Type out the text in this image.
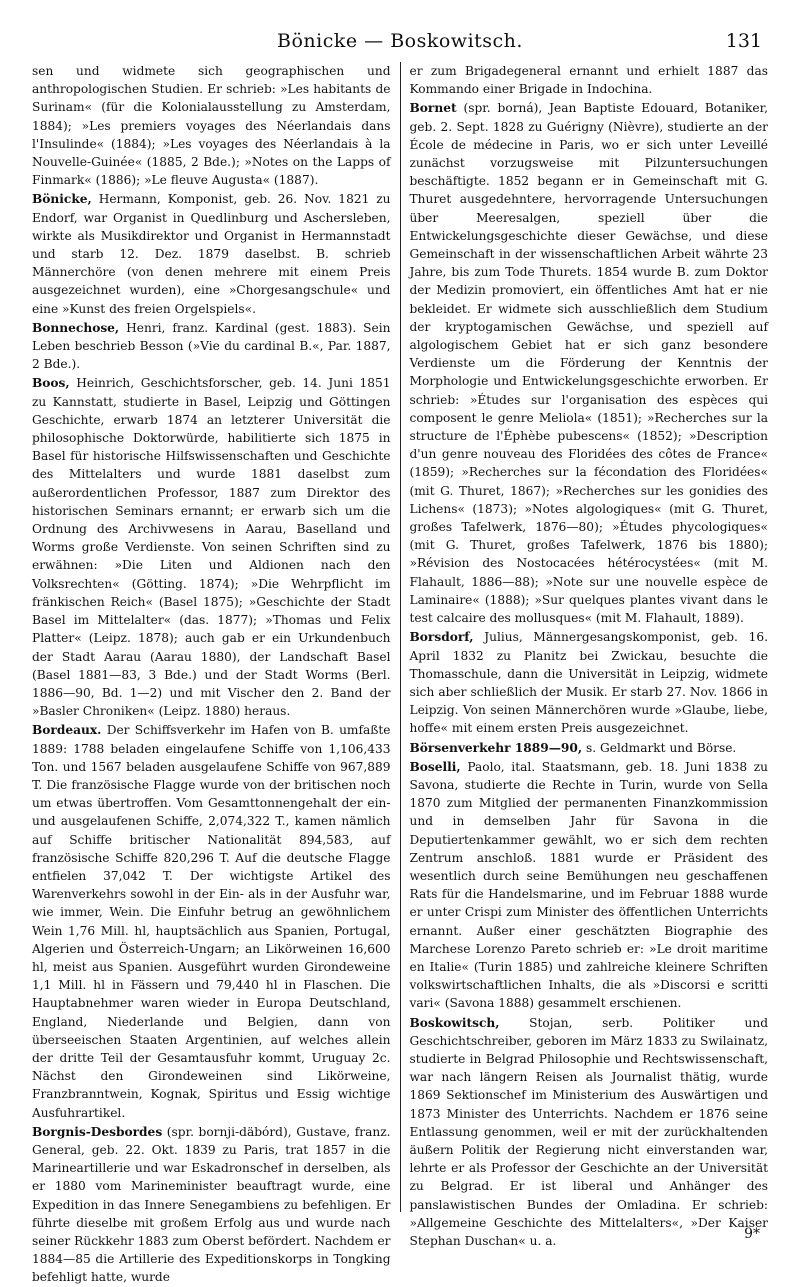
Bönicke — Boskowitsch.	131

sen und widmete sich geographischen und anthropologischen Studien. Er schrieb: »Les habitants de Surinam« (für die Kolonialausstellung zu Amsterdam, 1884); »Les premiers voyages des Néerlandais dans l'Insulinde« (1884); »Les voyages des Néerlandais à la Nouvelle-Guinée« (1885, 2 Bde.); »Notes on the Lapps of Finmark« (1886); »Le fleuve Augusta« (1887).

Bönicke, Hermann, Komponist, geb. 26. Nov. 1821 zu Endorf, war Organist in Quedlinburg und Aschersleben, wirkte als Musikdirektor und Organist in Hermannstadt und starb 12. Dez. 1879 daselbst. B. schrieb Männerchöre (von denen mehrere mit einem Preis ausgezeichnet wurden), eine »Chorgesangschule« und eine »Kunst des freien Orgelspiels«.

Bonnechose, Henri, franz. Kardinal (gest. 1883). Sein Leben beschrieb Besson (»Vie du cardinal B.«, Par. 1887, 2 Bde.).

Boos, Heinrich, Geschichtsforscher, geb. 14. Juni 1851 zu Kannstatt, studierte in Basel, Leipzig und Göttingen Geschichte, erwarb 1874 an letzterer Universität die philosophische Doktorwürde, habilitierte sich 1875 in Basel für historische Hilfswissenschaften und Geschichte des Mittelalters und wurde 1881 daselbst zum außerordentlichen Professor, 1887 zum Direktor des historischen Seminars ernannt; er erwarb sich um die Ordnung des Archivwesens in Aarau, Baselland und Worms große Verdienste. Von seinen Schriften sind zu erwähnen: »Die Liten und Aldionen nach den Volksrechten« (Götting. 1874); »Die Wehrpflicht im fränkischen Reich« (Basel 1875); »Geschichte der Stadt Basel im Mittelalter« (das. 1877); »Thomas und Felix Platter« (Leipz. 1878); auch gab er ein Urkundenbuch der Stadt Aarau (Aarau 1880), der Landschaft Basel (Basel 1881—83, 3 Bde.) und der Stadt Worms (Berl. 1886—90, Bd. 1—2) und mit Vischer den 2. Band der »Basler Chroniken« (Leipz. 1880) heraus.

Bordeaux. Der Schiffsverkehr im Hafen von B. umfaßte 1889: 1788 beladen eingelaufene Schiffe von 1,106,433 Ton. und 1567 beladen ausgelaufene Schiffe von 967,889 T. Die französische Flagge wurde von der britischen noch um etwas übertroffen. Vom Gesamttonnengehalt der ein- und ausgelaufenen Schiffe, 2,074,322 T., kamen nämlich auf Schiffe britischer Nationalität 894,583, auf französische Schiffe 820,296 T. Auf die deutsche Flagge entfielen 37,042 T. Der wichtigste Artikel des Warenverkehrs sowohl in der Ein- als in der Ausfuhr war, wie immer, Wein. Die Einfuhr betrug an gewöhnlichem Wein 1,76 Mill. hl, hauptsächlich aus Spanien, Portugal, Algerien und Österreich-Ungarn; an Likörweinen 16,600 hl, meist aus Spanien. Ausgeführt wurden Girondeweine 1,1 Mill. hl in Fässern und 79,440 hl in Flaschen. Die Hauptabnehmer waren wieder in Europa Deutschland, England, Niederlande und Belgien, dann von überseeischen Staaten Argentinien, auf welches allein der dritte Teil der Gesamtausfuhr kommt, Uruguay 2c. Nächst den Girondeweinen sind Likörweine, Franzbranntwein, Kognak, Spiritus und Essig wichtige Ausfuhrartikel.

Borgnis-Desbordes (spr. bornji-däbórd), Gustave, franz. General, geb. 22. Okt. 1839 zu Paris, trat 1857 in die Marineartillerie und war Eskadronschef in derselben, als er 1880 vom Marineminister beauftragt wurde, eine Expedition in das Innere Senegambiens zu befehligen. Er führte dieselbe mit großem Erfolg aus und wurde nach seiner Rückkehr 1883 zum Oberst befördert. Nachdem er 1884—85 die Artillerie des Expeditionskorps in Tongking befehligt hatte, wurde

er zum Brigadegeneral ernannt und erhielt 1887 das Kommando einer Brigade in Indochina.

Bornet (spr. borná), Jean Baptiste Edouard, Botaniker, geb. 2. Sept. 1828 zu Guérigny (Nièvre), studierte an der École de médecine in Paris, wo er sich unter Leveillé zunächst vorzugsweise mit Pilzuntersuchungen beschäftigte. 1852 begann er in Gemeinschaft mit G. Thuret ausgedehntere, hervorragende Untersuchungen über Meeresalgen, speziell über die Entwickelungsgeschichte dieser Gewächse, und diese Gemeinschaft in der wissenschaftlichen Arbeit währte 23 Jahre, bis zum Tode Thurets. 1854 wurde B. zum Doktor der Medizin promoviert, ein öffentliches Amt hat er nie bekleidet. Er widmete sich ausschließlich dem Studium der kryptogamischen Gewächse, und speziell auf algologischem Gebiet hat er sich ganz besondere Verdienste um die Förderung der Kenntnis der Morphologie und Entwickelungsgeschichte erworben. Er schrieb: »Études sur l'organisation des espèces qui composent le genre Meliola« (1851); »Recherches sur la structure de l'Éphèbe pubescens« (1852); »Description d'un genre nouveau des Floridées des côtes de France« (1859); »Recherches sur la fécondation des Floridées« (mit G. Thuret, 1867); »Recherches sur les gonidies des Lichens« (1873); »Notes algologiques« (mit G. Thuret, großes Tafelwerk, 1876—80); »Études phycologiques« (mit G. Thuret, großes Tafelwerk, 1876 bis 1880); »Révision des Nostocacées hétérocystées« (mit M. Flahault, 1886—88); »Note sur une nouvelle espèce de Laminaire« (1888); »Sur quelques plantes vivant dans le test calcaire des mollusques« (mit M. Flahault, 1889).

Borsdorf, Julius, Männergesangskomponist, geb. 16. April 1832 zu Planitz bei Zwickau, besuchte die Thomasschule, dann die Universität in Leipzig, widmete sich aber schließlich der Musik. Er starb 27. Nov. 1866 in Leipzig. Von seinen Männerchören wurde »Glaube, liebe, hoffe« mit einem ersten Preis ausgezeichnet.

Börsenverkehr 1889—90, s. Geldmarkt und Börse.

Boselli, Paolo, ital. Staatsmann, geb. 18. Juni 1838 zu Savona, studierte die Rechte in Turin, wurde von Sella 1870 zum Mitglied der permanenten Finanzkommission und in demselben Jahr für Savona in die Deputiertenkammer gewählt, wo er sich dem rechten Zentrum anschloß. 1881 wurde er Präsident des wesentlich durch seine Bemühungen neu geschaffenen Rats für die Handelsmarine, und im Februar 1888 wurde er unter Crispi zum Minister des öffentlichen Unterrichts ernannt. Außer einer geschätzten Biographie des Marchese Lorenzo Pareto schrieb er: »Le droit maritime en Italie« (Turin 1885) und zahlreiche kleinere Schriften volkswirtschaftlichen Inhalts, die als »Discorsi e scritti vari« (Savona 1888) gesammelt erschienen.

Boskowitsch, Stojan, serb. Politiker und Geschichtschreiber, geboren im März 1833 zu Swilainatz, studierte in Belgrad Philosophie und Rechtswissenschaft, war nach längern Reisen als Journalist thätig, wurde 1869 Sektionschef im Ministerium des Auswärtigen und 1873 Minister des Unterrichts. Nachdem er 1876 seine Entlassung genommen, weil er mit der zurückhaltenden äußern Politik der Regierung nicht einverstanden war, lehrte er als Professor der Geschichte an der Universität zu Belgrad. Er ist liberal und Anhänger des panslawistischen Bundes der Omladina. Er schrieb: »Allgemeine Geschichte des Mittelalters«, »Der Kaiser Stephan Duschan« u. a.	9*
